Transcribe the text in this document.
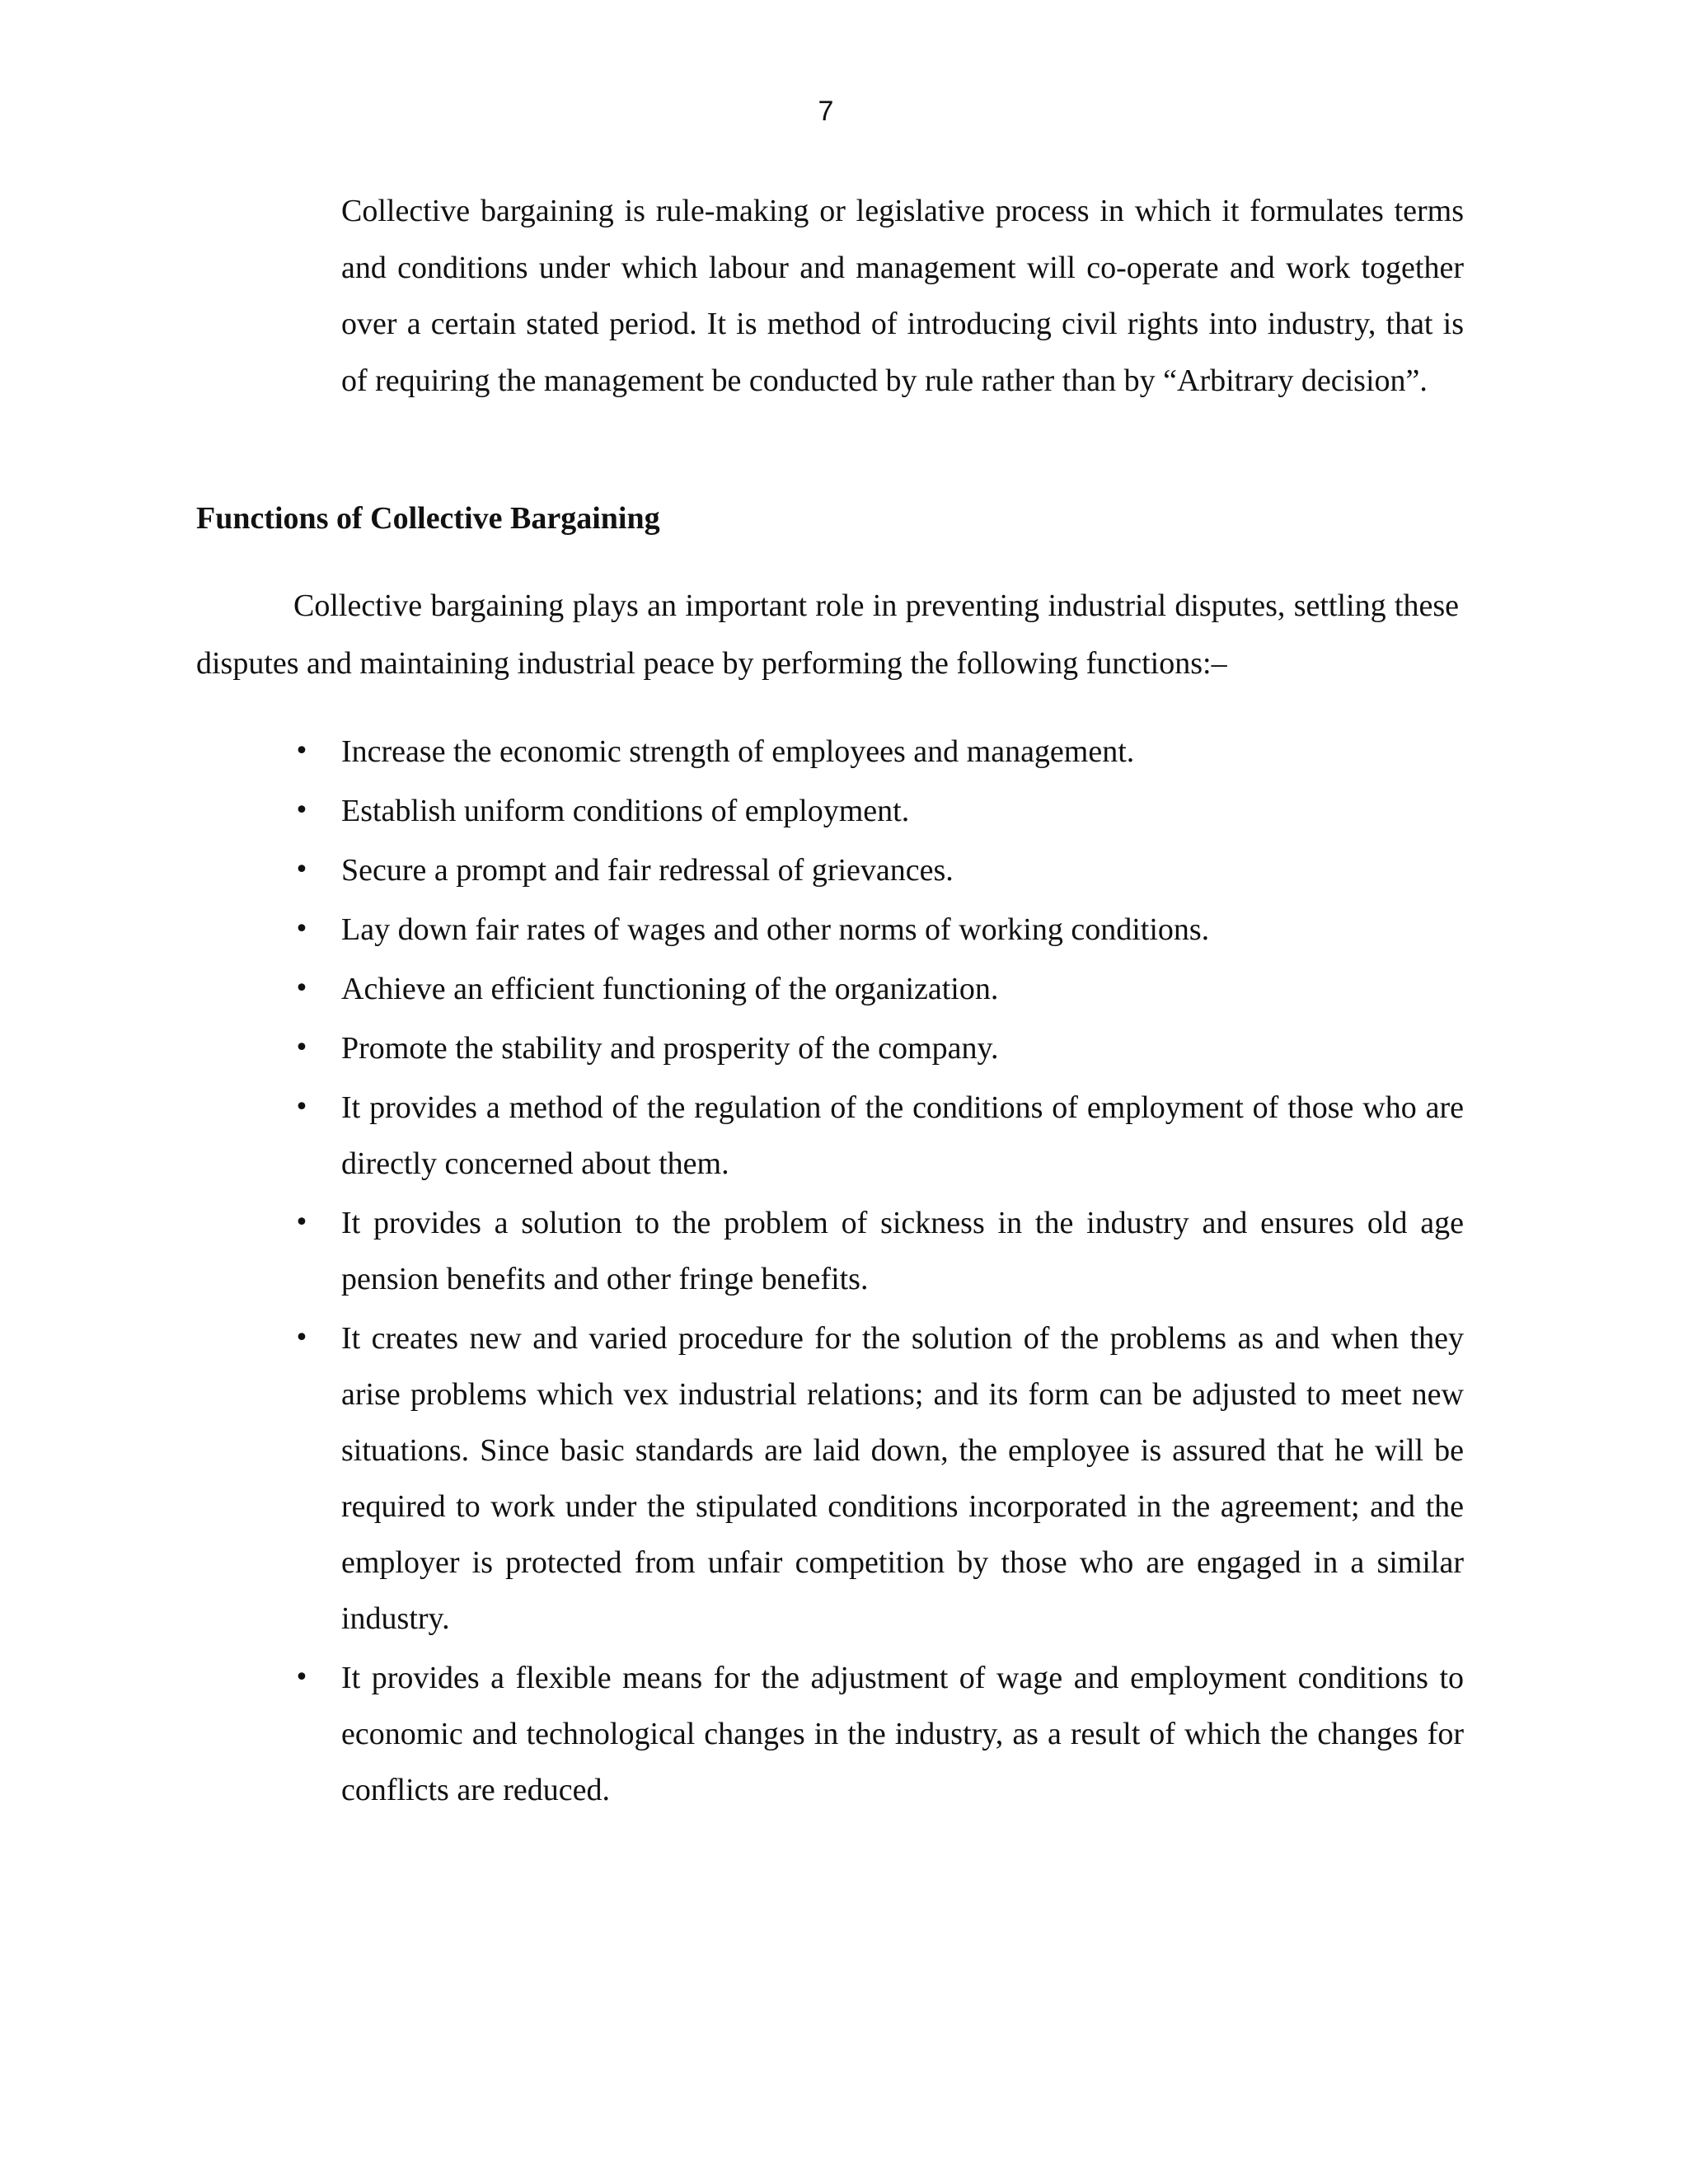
7

Collective bargaining is rule-making or legislative process in which it formulates terms and conditions under which labour and management will co-operate and work together over a certain stated period. It is method of introducing civil rights into industry, that is of requiring the management be conducted by rule rather than by “Arbitrary decision”.

Functions of Collective Bargaining

Collective bargaining plays an important role in preventing industrial disputes, settling these disputes and maintaining industrial peace by performing the following functions:–

• Increase the economic strength of employees and management.
• Establish uniform conditions of employment.
• Secure a prompt and fair redressal of grievances.
• Lay down fair rates of wages and other norms of working conditions.
• Achieve an efficient functioning of the organization.
• Promote the stability and prosperity of the company.
• It provides a method of the regulation of the conditions of employment of those who are directly concerned about them.
• It provides a solution to the problem of sickness in the industry and ensures old age pension benefits and other fringe benefits.
• It creates new and varied procedure for the solution of the problems as and when they arise problems which vex industrial relations; and its form can be adjusted to meet new situations. Since basic standards are laid down, the employee is assured that he will be required to work under the stipulated conditions incorporated in the agreement; and the employer is protected from unfair competition by those who are engaged in a similar industry.
• It provides a flexible means for the adjustment of wage and employment conditions to economic and technological changes in the industry, as a result of which the changes for conflicts are reduced.
